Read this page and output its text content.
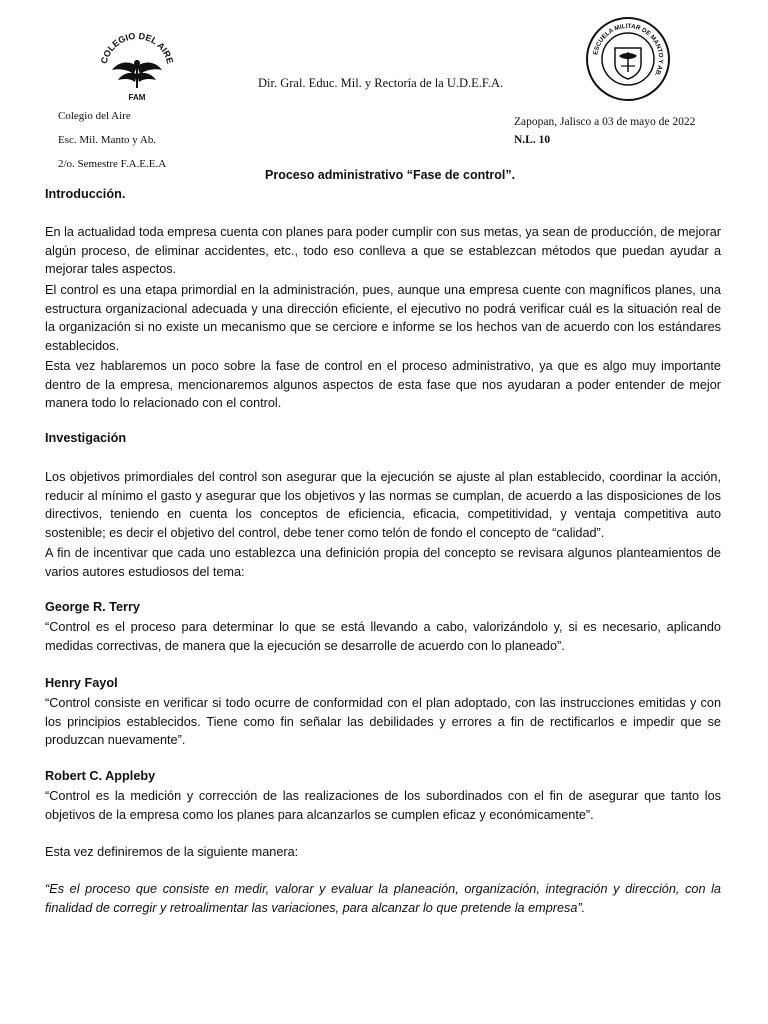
COLEGIO DEL AIRE
FAM
ESCUELA MILITAR DE MANTO Y AB.
Dir. Gral. Educ. Mil. y Rectoría de la U.D.E.F.A.
Colegio del Aire
Esc. Mil. Manto y Ab.
2/o. Semestre F.A.E.E.A
Zapopan, Jalisco a 03 de mayo de 2022
N.L. 10
Proceso administrativo “Fase de control”.
Introducción.

En la actualidad toda empresa cuenta con planes para poder cumplir con sus metas, ya sean de producción, de mejorar algún proceso, de eliminar accidentes, etc., todo eso conlleva a que se establezcan métodos que puedan ayudar a mejorar tales aspectos.

El control es una etapa primordial en la administración, pues, aunque una empresa cuente con magníficos planes, una estructura organizacional adecuada y una dirección eficiente, el ejecutivo no podrá verificar cuál es la situación real de la organización si no existe un mecanismo que se cerciore e informe se los hechos van de acuerdo con los estándares establecidos.

Esta vez hablaremos un poco sobre la fase de control en el proceso administrativo, ya que es algo muy importante dentro de la empresa, mencionaremos algunos aspectos de esta fase que nos ayudaran a poder entender de mejor manera todo lo relacionado con el control.

Investigación

Los objetivos primordiales del control son asegurar que la ejecución se ajuste al plan establecido, coordinar la acción, reducir al mínimo el gasto y asegurar que los objetivos y las normas se cumplan, de acuerdo a las disposiciones de los directivos, teniendo en cuenta los conceptos de eficiencia, eficacia, competitividad, y ventaja competitiva auto sostenible; es decir el objetivo del control, debe tener como telón de fondo el concepto de “calidad”.

A fin de incentivar que cada uno establezca una definición propia del concepto se revisara algunos planteamientos de varios autores estudiosos del tema:

George R. Terry

“Control es el proceso para determinar lo que se está llevando a cabo, valorizándolo y, si es necesario, aplicando medidas correctivas, de manera que la ejecución se desarrolle de acuerdo con lo planeado”.

Henry Fayol

“Control consiste en verificar si todo ocurre de conformidad con el plan adoptado, con las instrucciones emitidas y con los principios establecidos. Tiene como fin señalar las debilidades y errores a fin de rectificarlos e impedir que se produzcan nuevamente”.

Robert C. Appleby

“Control es la medición y corrección de las realizaciones de los subordinados con el fin de asegurar que tanto los objetivos de la empresa como los planes para alcanzarlos se cumplen eficaz y económicamente”.

Esta vez definiremos de la siguiente manera:

“Es el proceso que consiste en medir, valorar y evaluar la planeación, organización, integración y dirección, con la finalidad de corregir y retroalimentar las variaciones, para alcanzar lo que pretende la empresa”.
